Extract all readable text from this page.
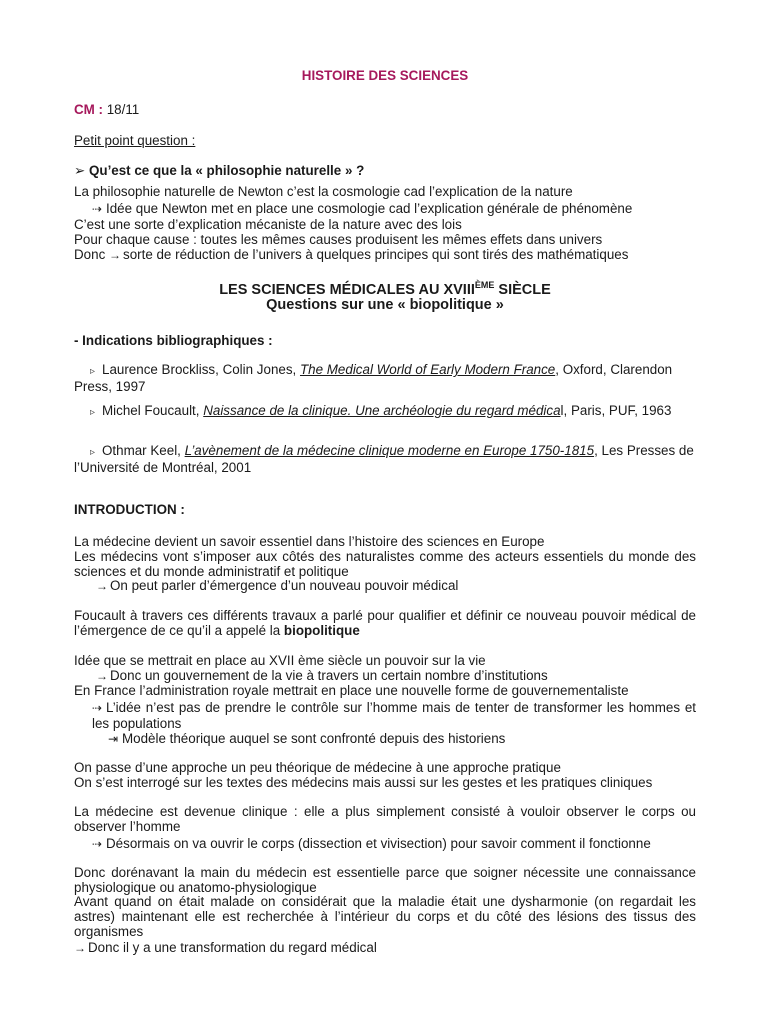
HISTOIRE DES SCIENCES

CM : 18/11

Petit point question :

➢ Qu’est ce que la « philosophie naturelle » ?

La philosophie naturelle de Newton c’est la cosmologie cad l’explication de la nature

⇢ Idée que Newton met en place une cosmologie cad l’explication générale de phénomène

C’est une sorte d’explication mécaniste de la nature avec des lois

Pour chaque cause : toutes les mêmes causes produisent les mêmes effets dans univers

Donc → sorte de réduction de l’univers à quelques principes qui sont tirés des mathématiques

LES SCIENCES MÉDICALES AU XVIIIÈME SIÈCLE

Questions sur une « biopolitique »

- Indications bibliographiques :

▹ Laurence Brockliss, Colin Jones, The Medical World of Early Modern France, Oxford, Clarendon Press, 1997

▹ Michel Foucault, Naissance de la clinique. Une archéologie du regard médical, Paris, PUF, 1963

▹ Othmar Keel, L’avènement de la médecine clinique moderne en Europe 1750-1815, Les Presses de l’Université de Montréal, 2001

INTRODUCTION :

La médecine devient un savoir essentiel dans l’histoire des sciences en Europe

Les médecins vont s’imposer aux côtés des naturalistes comme des acteurs essentiels du monde des sciences et du monde administratif et politique

→ On peut parler d’émergence d’un nouveau pouvoir médical

Foucault à travers ces différents travaux a parlé pour qualifier et définir ce nouveau pouvoir médical de l’émergence de ce qu’il a appelé la biopolitique

Idée que se mettrait en place au XVII ème siècle un pouvoir sur la vie

→ Donc un gouvernement de la vie à travers un certain nombre d’institutions

En France l’administration royale mettrait en place une nouvelle forme de gouvernementaliste

⇢ L’idée n’est pas de prendre le contrôle sur l’homme mais de tenter de transformer les hommes et les populations

⇥ Modèle théorique auquel se sont confronté depuis des historiens

On passe d’une approche un peu théorique de médecine à une approche pratique

On s’est interrogé sur les textes des médecins mais aussi sur les gestes et les pratiques cliniques

La médecine est devenue clinique : elle a plus simplement consisté à vouloir observer le corps ou observer l’homme

⇢ Désormais on va ouvrir le corps (dissection et vivisection) pour savoir comment il fonctionne

Donc dorénavant la main du médecin est essentielle parce que soigner nécessite une connaissance physiologique ou anatomo-physiologique

Avant quand on était malade on considérait que la maladie était une dysharmonie (on regardait les astres) maintenant elle est recherchée à l’intérieur du corps et du côté des lésions des tissus des organismes

→ Donc il y a une transformation du regard médical
